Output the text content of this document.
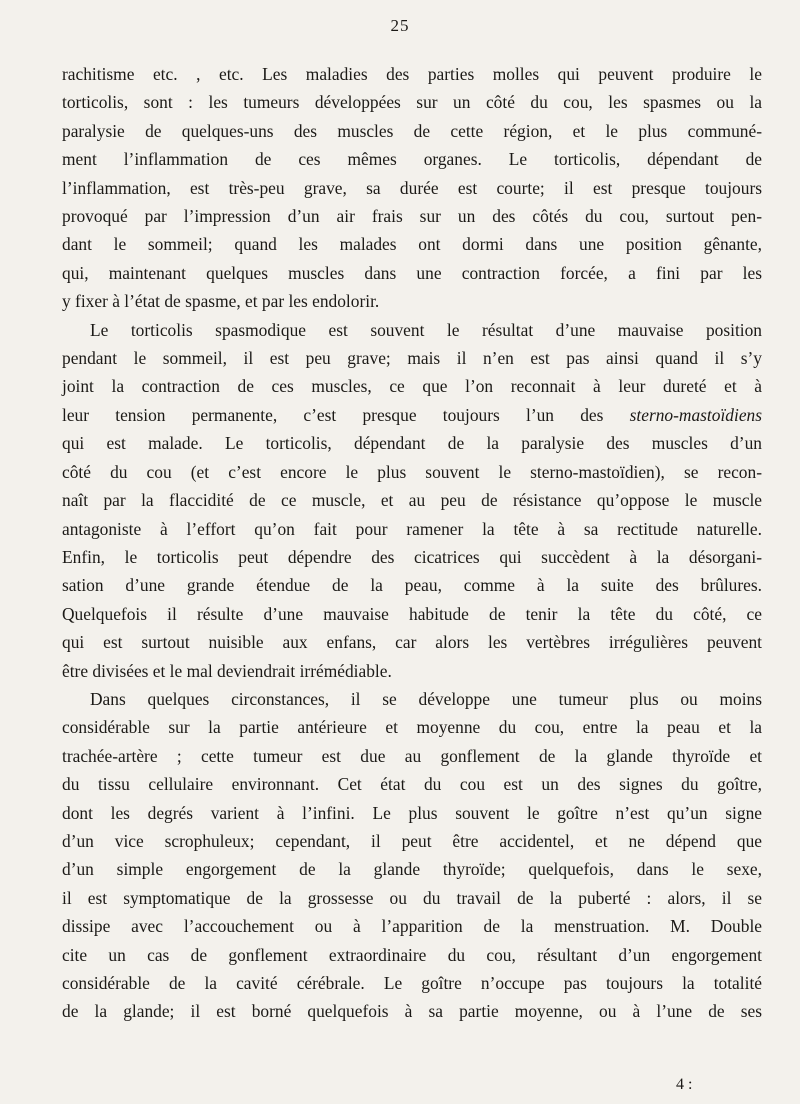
25
rachitisme etc. , etc. Les maladies des parties molles qui peuvent produire le
torticolis, sont : les tumeurs développées sur un côté du cou, les spasmes ou la
paralysie de quelques-uns des muscles de cette région, et le plus communé-
ment l’inflammation de ces mêmes organes. Le torticolis, dépendant de
l’inflammation, est très-peu grave, sa durée est courte; il est presque toujours
provoqué par l’impression d’un air frais sur un des côtés du cou, surtout pen-
dant le sommeil; quand les malades ont dormi dans une position gênante,
qui, maintenant quelques muscles dans une contraction forcée, a fini par les
y fixer à l’état de spasme, et par les endolorir.
Le torticolis spasmodique est souvent le résultat d’une mauvaise position
pendant le sommeil, il est peu grave; mais il n’en est pas ainsi quand il s’y
joint la contraction de ces muscles, ce que l’on reconnait à leur dureté et à
leur tension permanente, c’est presque toujours l’un des sterno-mastoïdiens
qui est malade. Le torticolis, dépendant de la paralysie des muscles d’un
côté du cou (et c’est encore le plus souvent le sterno-mastoïdien), se recon-
naît par la flaccidité de ce muscle, et au peu de résistance qu’oppose le muscle
antagoniste à l’effort qu’on fait pour ramener la tête à sa rectitude naturelle.
Enfin, le torticolis peut dépendre des cicatrices qui succèdent à la désorgani-
sation d’une grande étendue de la peau, comme à la suite des brûlures.
Quelquefois il résulte d’une mauvaise habitude de tenir la tête du côté, ce
qui est surtout nuisible aux enfans, car alors les vertèbres irrégulières peuvent
être divisées et le mal deviendrait irrémédiable.
Dans quelques circonstances, il se développe une tumeur plus ou moins
considérable sur la partie antérieure et moyenne du cou, entre la peau et la
trachée-artère ; cette tumeur est due au gonflement de la glande thyroïde et
du tissu cellulaire environnant. Cet état du cou est un des signes du goître,
dont les degrés varient à l’infini. Le plus souvent le goître n’est qu’un signe
d’un vice scrophuleux; cependant, il peut être accidentel, et ne dépend que
d’un simple engorgement de la glande thyroïde; quelquefois, dans le sexe,
il est symptomatique de la grossesse ou du travail de la puberté : alors, il se
dissipe avec l’accouchement ou à l’apparition de la menstruation. M. Double
cite un cas de gonflement extraordinaire du cou, résultant d’un engorgement
considérable de la cavité cérébrale. Le goître n’occupe pas toujours la totalité
de la glande; il est borné quelquefois à sa partie moyenne, ou à l’une de ses
4 :
